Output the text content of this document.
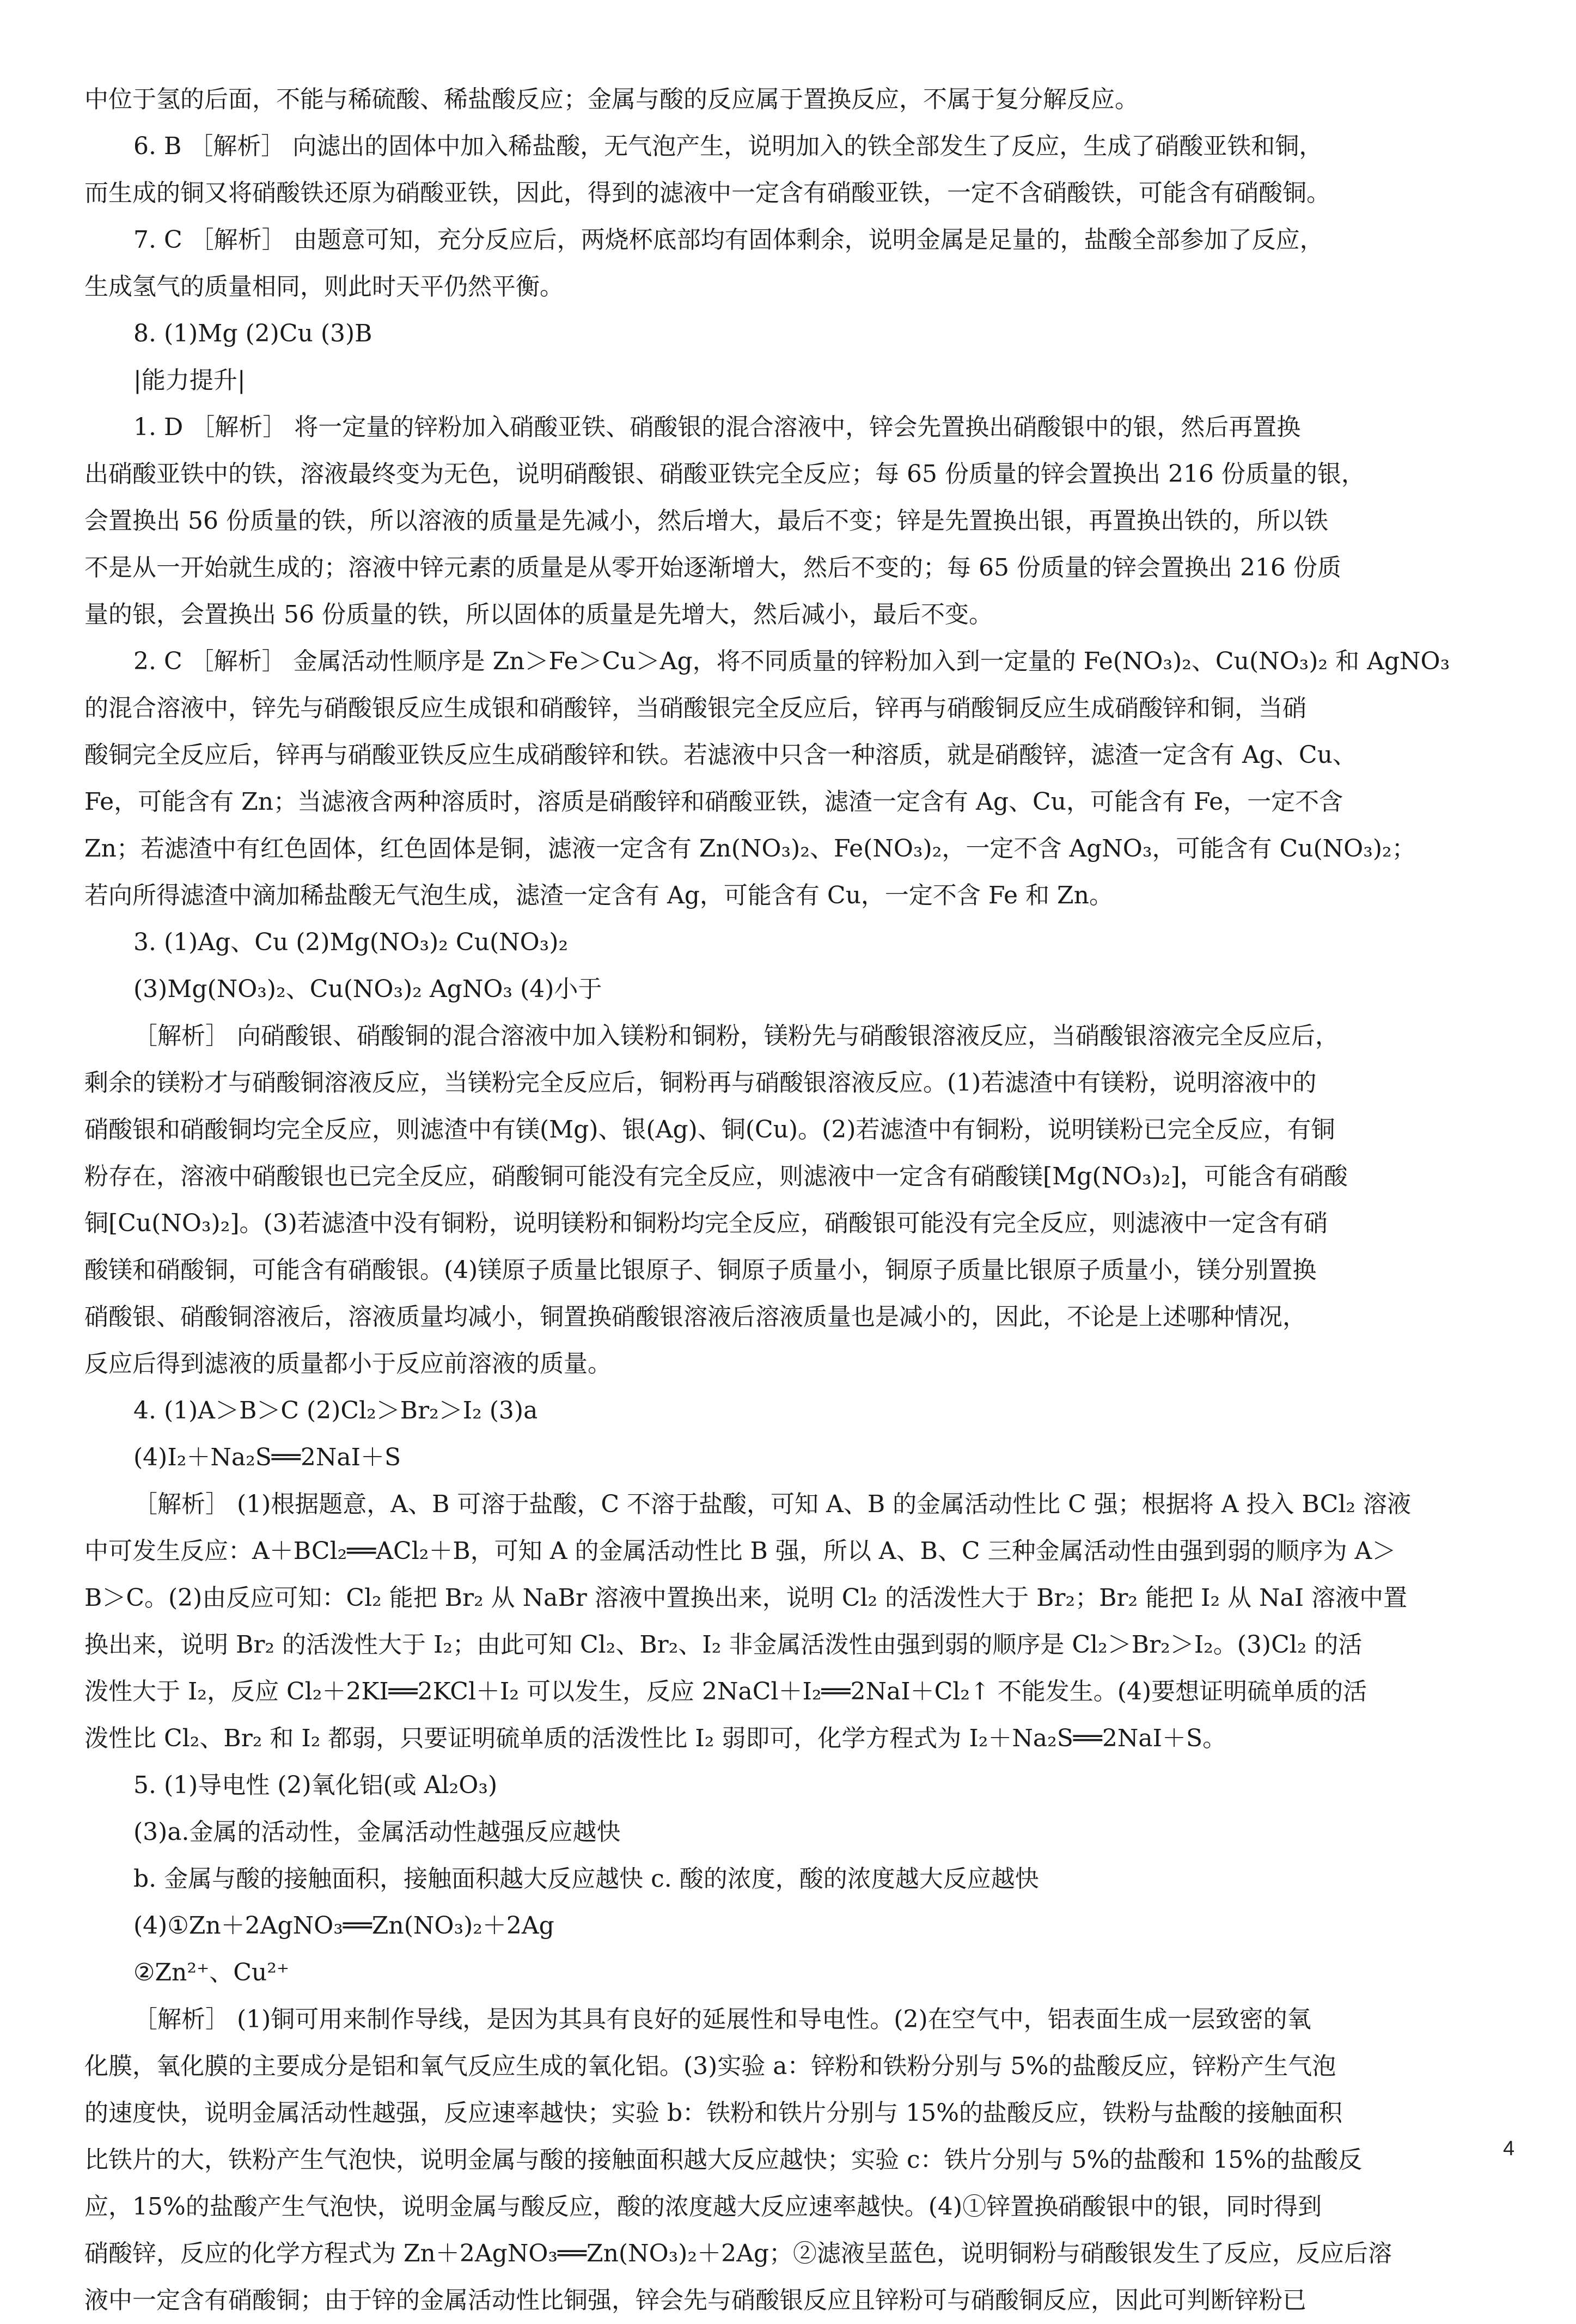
中位于氢的后面，不能与稀硫酸、稀盐酸反应；金属与酸的反应属于置换反应，不属于复分解反应。

6. B ［解析］ 向滤出的固体中加入稀盐酸，无气泡产生，说明加入的铁全部发生了反应，生成了硝酸亚铁和铜，

而生成的铜又将硝酸铁还原为硝酸亚铁，因此，得到的滤液中一定含有硝酸亚铁，一定不含硝酸铁，可能含有硝酸铜。

7. C ［解析］ 由题意可知，充分反应后，两烧杯底部均有固体剩余，说明金属是足量的，盐酸全部参加了反应，

生成氢气的质量相同，则此时天平仍然平衡。

8. (1)Mg (2)Cu (3)B

|能力提升|

1. D ［解析］ 将一定量的锌粉加入硝酸亚铁、硝酸银的混合溶液中，锌会先置换出硝酸银中的银，然后再置换

出硝酸亚铁中的铁，溶液最终变为无色，说明硝酸银、硝酸亚铁完全反应；每 65 份质量的锌会置换出 216 份质量的银，

会置换出 56 份质量的铁，所以溶液的质量是先减小，然后增大，最后不变；锌是先置换出银，再置换出铁的，所以铁

不是从一开始就生成的；溶液中锌元素的质量是从零开始逐渐增大，然后不变的；每 65 份质量的锌会置换出 216 份质

量的银，会置换出 56 份质量的铁，所以固体的质量是先增大，然后减小，最后不变。

2. C ［解析］ 金属活动性顺序是 Zn＞Fe＞Cu＞Ag，将不同质量的锌粉加入到一定量的 Fe(NO₃)₂、Cu(NO₃)₂ 和 AgNO₃

的混合溶液中，锌先与硝酸银反应生成银和硝酸锌，当硝酸银完全反应后，锌再与硝酸铜反应生成硝酸锌和铜，当硝

酸铜完全反应后，锌再与硝酸亚铁反应生成硝酸锌和铁。若滤液中只含一种溶质，就是硝酸锌，滤渣一定含有 Ag、Cu、

Fe，可能含有 Zn；当滤液含两种溶质时，溶质是硝酸锌和硝酸亚铁，滤渣一定含有 Ag、Cu，可能含有 Fe，一定不含

Zn；若滤渣中有红色固体，红色固体是铜，滤液一定含有 Zn(NO₃)₂、Fe(NO₃)₂，一定不含 AgNO₃，可能含有 Cu(NO₃)₂；

若向所得滤渣中滴加稀盐酸无气泡生成，滤渣一定含有 Ag，可能含有 Cu，一定不含 Fe 和 Zn。

3. (1)Ag、Cu (2)Mg(NO₃)₂ Cu(NO₃)₂

(3)Mg(NO₃)₂、Cu(NO₃)₂ AgNO₃ (4)小于

［解析］ 向硝酸银、硝酸铜的混合溶液中加入镁粉和铜粉，镁粉先与硝酸银溶液反应，当硝酸银溶液完全反应后，

剩余的镁粉才与硝酸铜溶液反应，当镁粉完全反应后，铜粉再与硝酸银溶液反应。(1)若滤渣中有镁粉，说明溶液中的

硝酸银和硝酸铜均完全反应，则滤渣中有镁(Mg)、银(Ag)、铜(Cu)。(2)若滤渣中有铜粉，说明镁粉已完全反应，有铜

粉存在，溶液中硝酸银也已完全反应，硝酸铜可能没有完全反应，则滤液中一定含有硝酸镁[Mg(NO₃)₂]，可能含有硝酸

铜[Cu(NO₃)₂]。(3)若滤渣中没有铜粉，说明镁粉和铜粉均完全反应，硝酸银可能没有完全反应，则滤液中一定含有硝

酸镁和硝酸铜，可能含有硝酸银。(4)镁原子质量比银原子、铜原子质量小，铜原子质量比银原子质量小，镁分别置换

硝酸银、硝酸铜溶液后，溶液质量均减小，铜置换硝酸银溶液后溶液质量也是减小的，因此，不论是上述哪种情况，

反应后得到滤液的质量都小于反应前溶液的质量。

4. (1)A＞B＞C (2)Cl₂＞Br₂＞I₂ (3)a

(4)I₂＋Na₂S══2NaI＋S

［解析］ (1)根据题意，A、B 可溶于盐酸，C 不溶于盐酸，可知 A、B 的金属活动性比 C 强；根据将 A 投入 BCl₂ 溶液

中可发生反应：A＋BCl₂══ACl₂＋B，可知 A 的金属活动性比 B 强，所以 A、B、C 三种金属活动性由强到弱的顺序为 A＞

B＞C。(2)由反应可知：Cl₂ 能把 Br₂ 从 NaBr 溶液中置换出来，说明 Cl₂ 的活泼性大于 Br₂；Br₂ 能把 I₂ 从 NaI 溶液中置

换出来，说明 Br₂ 的活泼性大于 I₂；由此可知 Cl₂、Br₂、I₂ 非金属活泼性由强到弱的顺序是 Cl₂＞Br₂＞I₂。(3)Cl₂ 的活

泼性大于 I₂，反应 Cl₂＋2KI══2KCl＋I₂ 可以发生，反应 2NaCl＋I₂══2NaI＋Cl₂↑ 不能发生。(4)要想证明硫单质的活

泼性比 Cl₂、Br₂ 和 I₂ 都弱，只要证明硫单质的活泼性比 I₂ 弱即可，化学方程式为 I₂＋Na₂S══2NaI＋S。

5. (1)导电性 (2)氧化铝(或 Al₂O₃)

(3)a.金属的活动性，金属活动性越强反应越快

b. 金属与酸的接触面积，接触面积越大反应越快 c. 酸的浓度，酸的浓度越大反应越快

(4)①Zn＋2AgNO₃══Zn(NO₃)₂＋2Ag

②Zn²⁺、Cu²⁺

［解析］ (1)铜可用来制作导线，是因为其具有良好的延展性和导电性。(2)在空气中，铝表面生成一层致密的氧

化膜，氧化膜的主要成分是铝和氧气反应生成的氧化铝。(3)实验 a：锌粉和铁粉分别与 5%的盐酸反应，锌粉产生气泡

的速度快，说明金属活动性越强，反应速率越快；实验 b：铁粉和铁片分别与 15%的盐酸反应，铁粉与盐酸的接触面积

比铁片的大，铁粉产生气泡快，说明金属与酸的接触面积越大反应越快；实验 c：铁片分别与 5%的盐酸和 15%的盐酸反

应，15%的盐酸产生气泡快，说明金属与酸反应，酸的浓度越大反应速率越快。(4)①锌置换硝酸银中的银，同时得到

硝酸锌，反应的化学方程式为 Zn＋2AgNO₃══Zn(NO₃)₂＋2Ag；②滤液呈蓝色，说明铜粉与硝酸银发生了反应，反应后溶

液中一定含有硝酸铜；由于锌的金属活动性比铜强，锌会先与硝酸银反应且锌粉可与硝酸铜反应，因此可判断锌粉已

4
